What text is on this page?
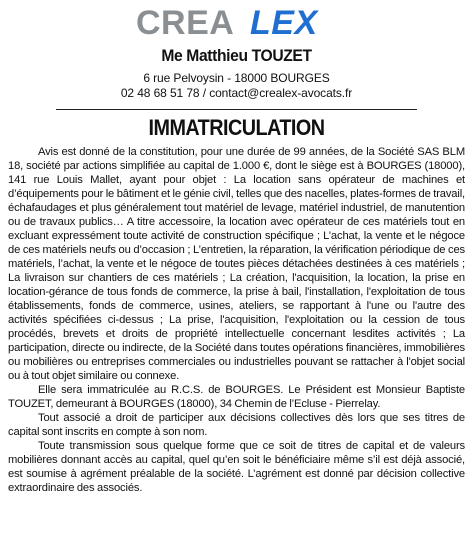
CREA LEX
Me Matthieu TOUZET
6 rue Pelvoysin - 18000 BOURGES
02 48 68 51 78 / contact@crealex-avocats.fr
IMMATRICULATION

Avis est donné de la constitution, pour une durée de 99 années, de la Société SAS BLM 18, société par actions simplifiée au capital de 1.000 €, dont le siège est à BOURGES (18000), 141 rue Louis Mallet, ayant pour objet : La location sans opérateur de machines et d’équipements pour le bâtiment et le génie civil, telles que des nacelles, plates-formes de travail, échafaudages et plus généralement tout matériel de levage, matériel industriel, de manutention ou de travaux publics… A titre accessoire, la location avec opérateur de ces matériels tout en excluant expressément toute activité de construction spécifique ; L’achat, la vente et le négoce de ces matériels neufs ou d’occasion ; L’entretien, la réparation, la vérification périodique de ces matériels, l’achat, la vente et le négoce de toutes pièces détachées destinées à ces matériels ; La livraison sur chantiers de ces matériels ; La création, l'acquisition, la location, la prise en location-gérance de tous fonds de commerce, la prise à bail, l'installation, l'exploitation de tous établissements, fonds de commerce, usines, ateliers, se rapportant à l'une ou l'autre des activités spécifiées ci-dessus ; La prise, l'acquisition, l'exploitation ou la cession de tous procédés, brevets et droits de propriété intellectuelle concernant lesdites activités ; La participation, directe ou indirecte, de la Société dans toutes opérations financières, immobilières ou mobilières ou entreprises commerciales ou industrielles pouvant se rattacher à l'objet social ou à tout objet similaire ou connexe.

Elle sera immatriculée au R.C.S. de BOURGES. Le Président est Monsieur Baptiste TOUZET, demeurant à BOURGES (18000), 34 Chemin de l’Ecluse - Pierrelay.

Tout associé a droit de participer aux décisions collectives dès lors que ses titres de capital sont inscrits en compte à son nom.

Toute transmission sous quelque forme que ce soit de titres de capital et de valeurs mobilières donnant accès au capital, quel qu’en soit le bénéficiaire même s’il est déjà associé, est soumise à agrément préalable de la société. L’agrément est donné par décision collective extraordinaire des associés.
